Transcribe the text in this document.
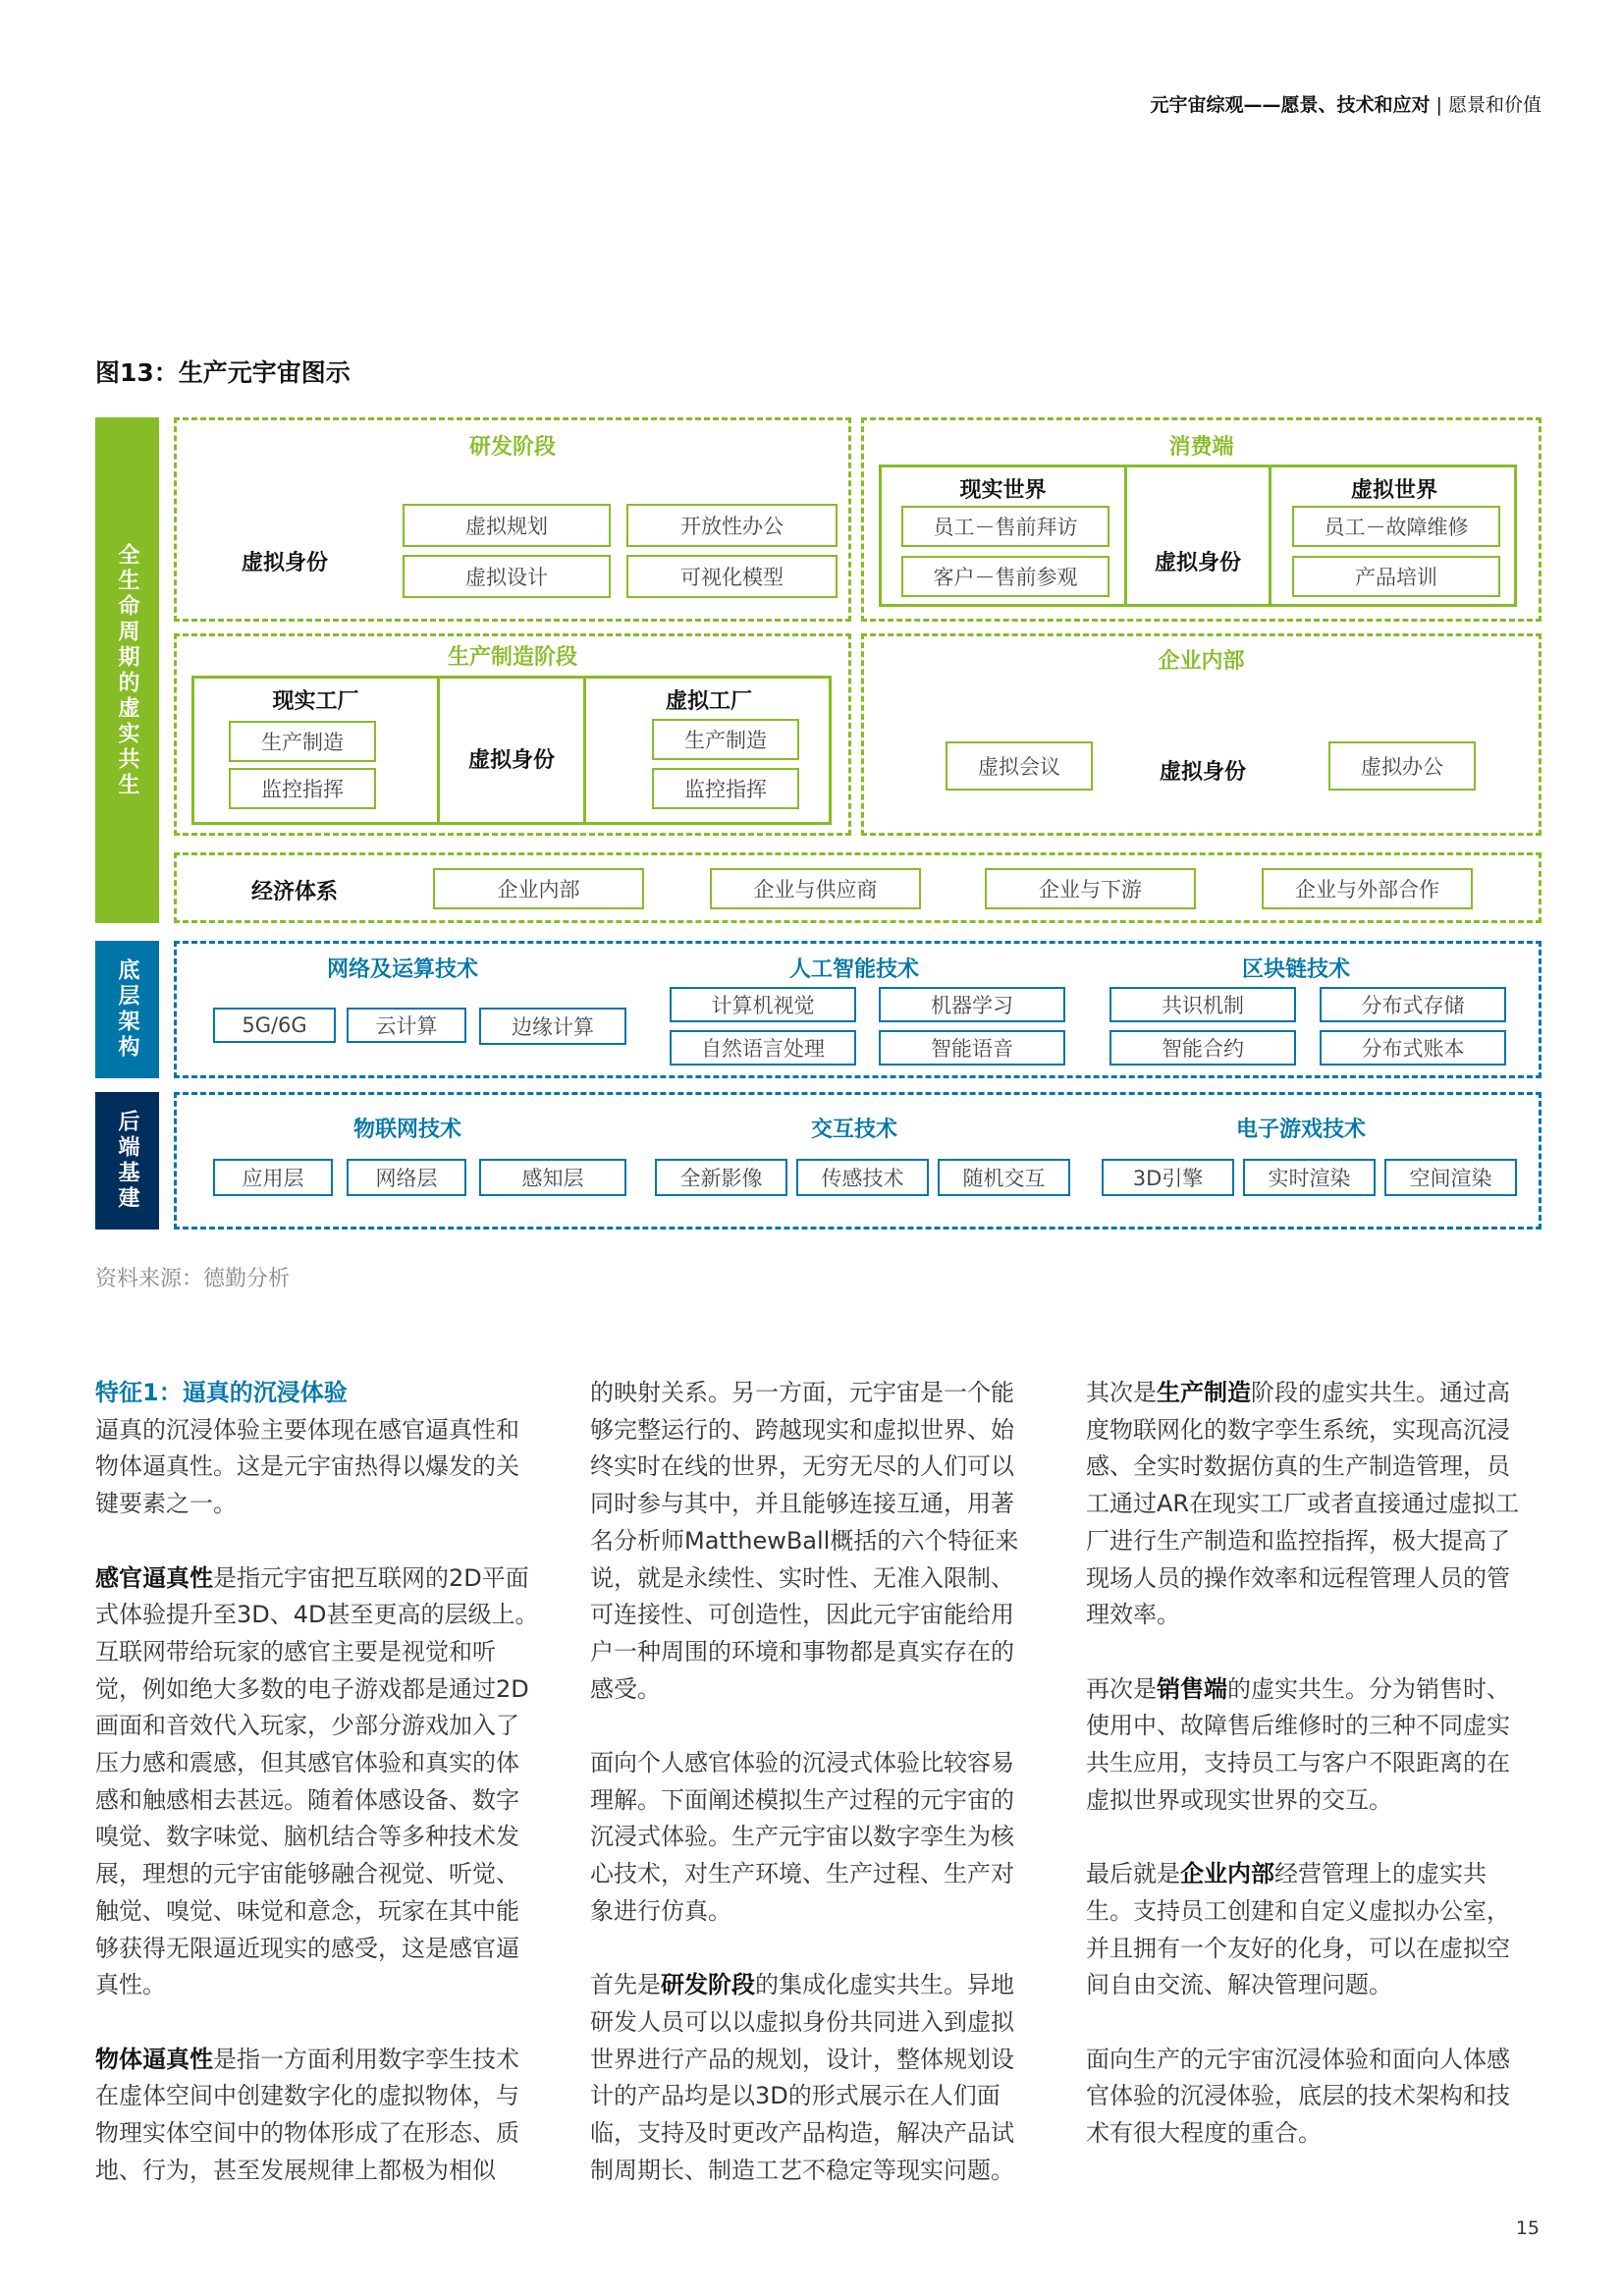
元宇宙综观——愿景、技术和应对 | 愿景和价值
图13：生产元宇宙图示
全生命周期的虚实共生
底层架构
后端基建
研发阶段
虚拟身份
虚拟规划	开放性办公
虚拟设计	可视化模型
消费端
现实世界
员工－售前拜访
客户－售前参观
虚拟身份
虚拟世界
员工－故障维修
产品培训
生产制造阶段
现实工厂
生产制造
监控指挥
虚拟身份
虚拟工厂
生产制造
监控指挥
企业内部
虚拟会议	虚拟身份	虚拟办公
经济体系	企业内部	企业与供应商	企业与下游	企业与外部合作
网络及运算技术
5G/6G	云计算	边缘计算
人工智能技术
计算机视觉	机器学习
自然语言处理	智能语音
区块链技术
共识机制	分布式存储
智能合约	分布式账本
物联网技术
应用层	网络层	感知层
交互技术
全新影像	传感技术	随机交互
电子游戏技术
3D引擎	实时渲染	空间渲染
资料来源：德勤分析
特征1：逼真的沉浸体验

逼真的沉浸体验主要体现在感官逼真性和物体逼真性。这是元宇宙热得以爆发的关键要素之一。

感官逼真性是指元宇宙把互联网的2D平面式体验提升至3D、4D甚至更高的层级上。互联网带给玩家的感官主要是视觉和听觉，例如绝大多数的电子游戏都是通过2D画面和音效代入玩家，少部分游戏加入了压力感和震感，但其感官体验和真实的体感和触感相去甚远。随着体感设备、数字嗅觉、数字味觉、脑机结合等多种技术发展，理想的元宇宙能够融合视觉、听觉、触觉、嗅觉、味觉和意念，玩家在其中能够获得无限逼近现实的感受，这是感官逼真性。

物体逼真性是指一方面利用数字孪生技术在虚体空间中创建数字化的虚拟物体，与物理实体空间中的物体形成了在形态、质地、行为，甚至发展规律上都极为相似

的映射关系。另一方面，元宇宙是一个能够完整运行的、跨越现实和虚拟世界、始终实时在线的世界，无穷无尽的人们可以同时参与其中，并且能够连接互通，用著名分析师MatthewBall概括的六个特征来说，就是永续性、实时性、无准入限制、可连接性、可创造性，因此元宇宙能给用户一种周围的环境和事物都是真实存在的感受。

面向个人感官体验的沉浸式体验比较容易理解。下面阐述模拟生产过程的元宇宙的沉浸式体验。生产元宇宙以数字孪生为核心技术，对生产环境、生产过程、生产对象进行仿真。

首先是研发阶段的集成化虚实共生。异地研发人员可以以虚拟身份共同进入到虚拟世界进行产品的规划，设计，整体规划设计的产品均是以3D的形式展示在人们面临，支持及时更改产品构造，解决产品试制周期长、制造工艺不稳定等现实问题。

其次是生产制造阶段的虚实共生。通过高度物联网化的数字孪生系统，实现高沉浸感、全实时数据仿真的生产制造管理，员工通过AR在现实工厂或者直接通过虚拟工厂进行生产制造和监控指挥，极大提高了现场人员的操作效率和远程管理人员的管理效率。

再次是销售端的虚实共生。分为销售时、使用中、故障售后维修时的三种不同虚实共生应用，支持员工与客户不限距离的在虚拟世界或现实世界的交互。

最后就是企业内部经营管理上的虚实共生。支持员工创建和自定义虚拟办公室，并且拥有一个友好的化身，可以在虚拟空间自由交流、解决管理问题。

面向生产的元宇宙沉浸体验和面向人体感官体验的沉浸体验，底层的技术架构和技术有很大程度的重合。

15
